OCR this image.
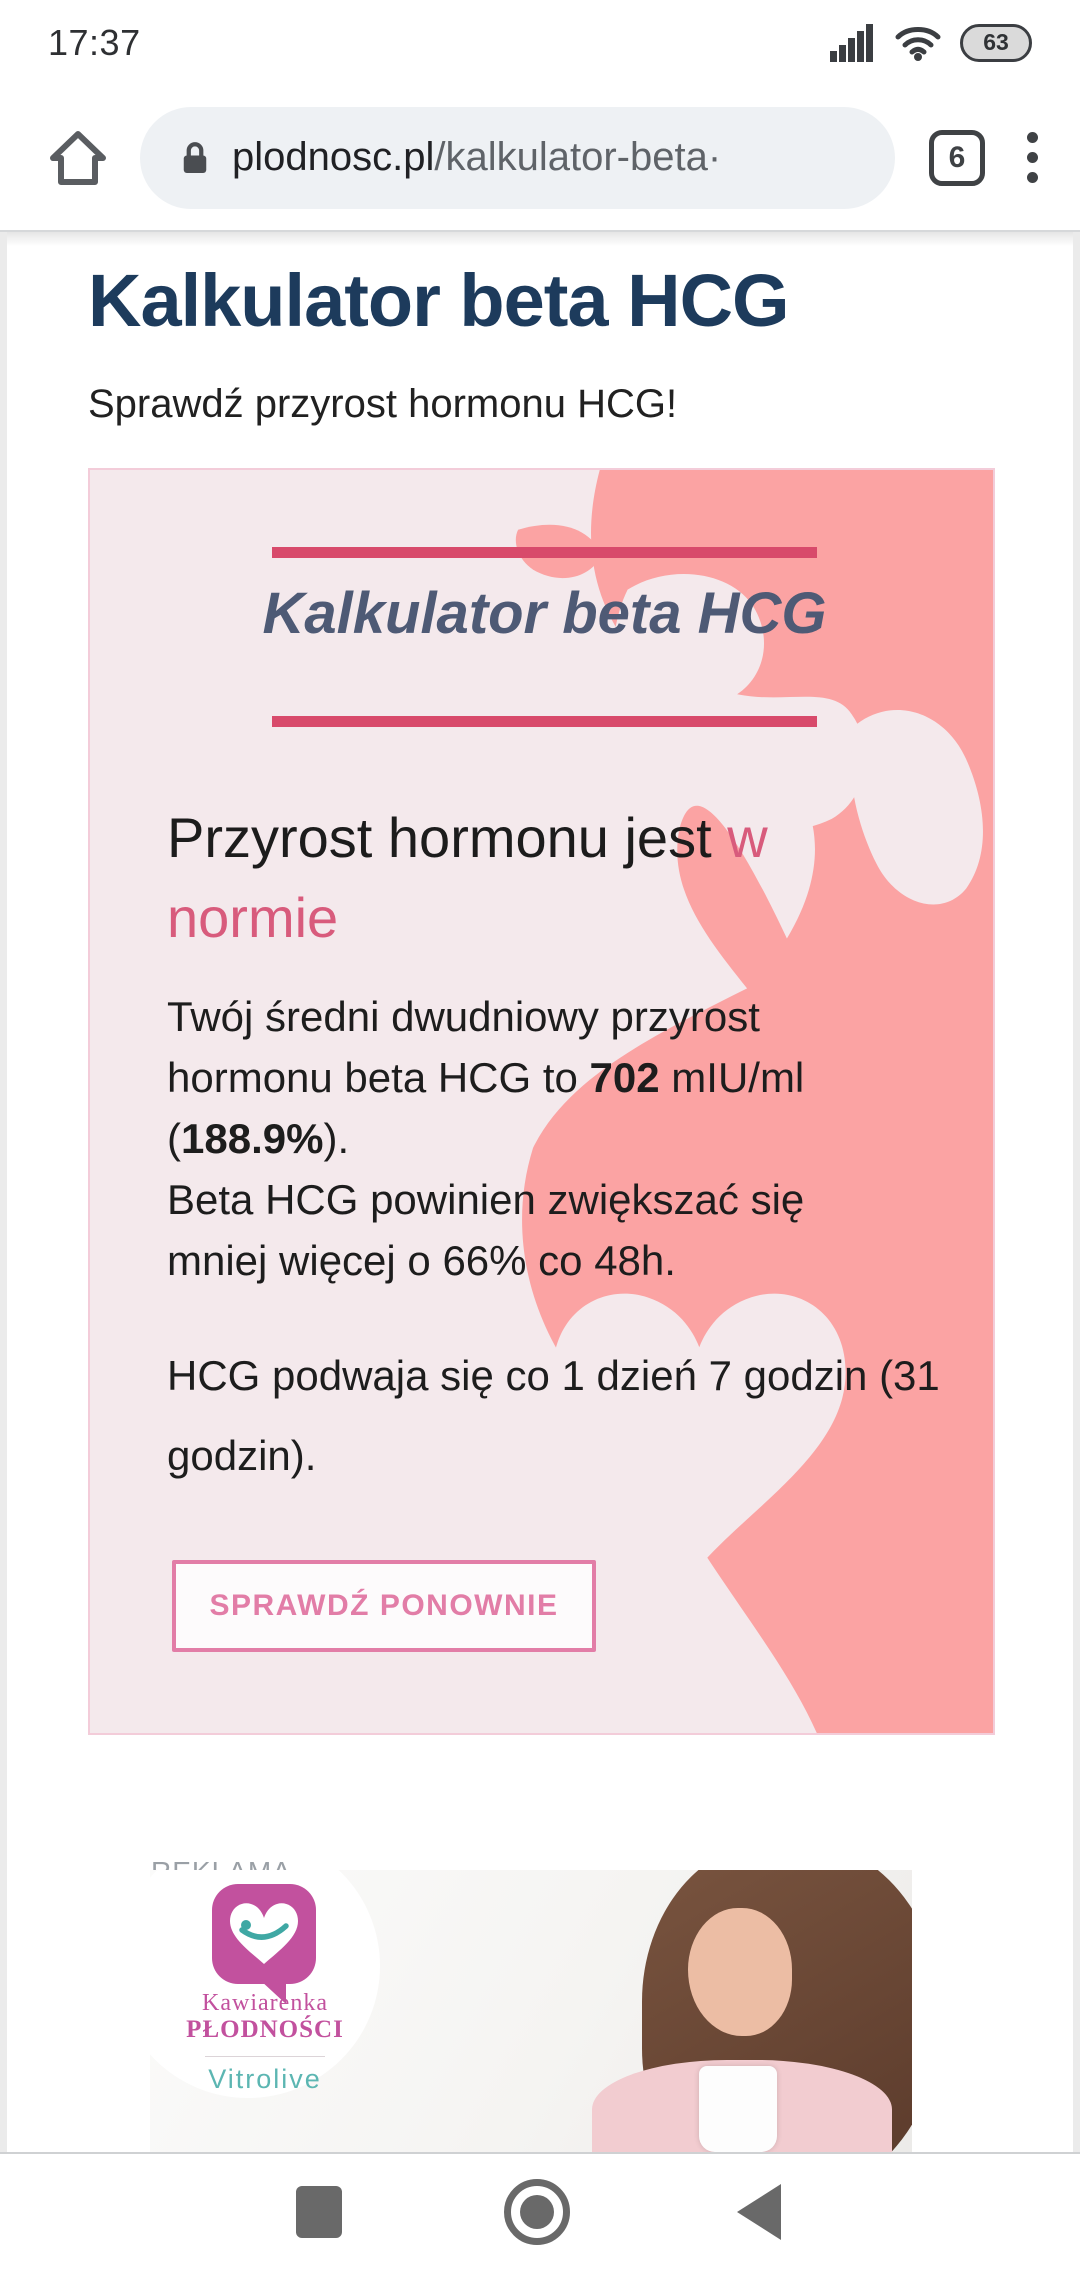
17:37	63
plodnosc.pl/kalkulator-beta·	6
Kalkulator beta HCG
Sprawdź przyrost hormonu HCG!
Kalkulator beta HCG
Przyrost hormonu jest w
normie
Twój średni dwudniowy przyrost
hormonu beta HCG to 702 mIU/ml
(188.9%).
Beta HCG powinien zwiększać się
mniej więcej o 66% co 48h.
HCG podwaja się co 1 dzień 7 godzin (31
godzin).
SPRAWDŹ PONOWNIE
Kawiarenka
PŁODNOŚCI
Vitrolive
